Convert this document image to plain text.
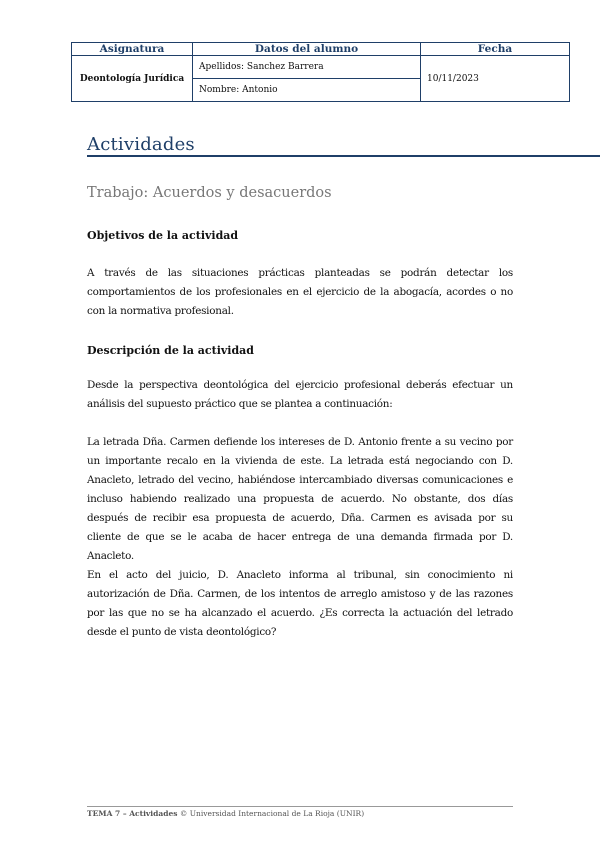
Asignatura	Datos del alumno	Fecha
Deontología Jurídica	Apellidos: Sanchez Barrera	10/11/2023
	Nombre: Antonio	
Actividades
Trabajo: Acuerdos y desacuerdos

Objetivos de la actividad

A través de las situaciones prácticas planteadas se podrán detectar los comportamientos de los profesionales en el ejercicio de la abogacía, acordes o no con la normativa profesional.

Descripción de la actividad

Desde la perspectiva deontológica del ejercicio profesional deberás efectuar un análisis del supuesto práctico que se plantea a continuación:

La letrada Dña. Carmen defiende los intereses de D. Antonio frente a su vecino por un importante recalo en la vivienda de este. La letrada está negociando con D. Anacleto, letrado del vecino, habiéndose intercambiado diversas comunicaciones e incluso habiendo realizado una propuesta de acuerdo. No obstante, dos días después de recibir esa propuesta de acuerdo, Dña. Carmen es avisada por su cliente de que se le acaba de hacer entrega de una demanda firmada por D. Anacleto.

En el acto del juicio, D. Anacleto informa al tribunal, sin conocimiento ni autorización de Dña. Carmen, de los intentos de arreglo amistoso y de las razones por las que no se ha alcanzado el acuerdo. ¿Es correcta la actuación del letrado desde el punto de vista deontológico?

TEMA 7 – Actividades © Universidad Internacional de La Rioja (UNIR)
